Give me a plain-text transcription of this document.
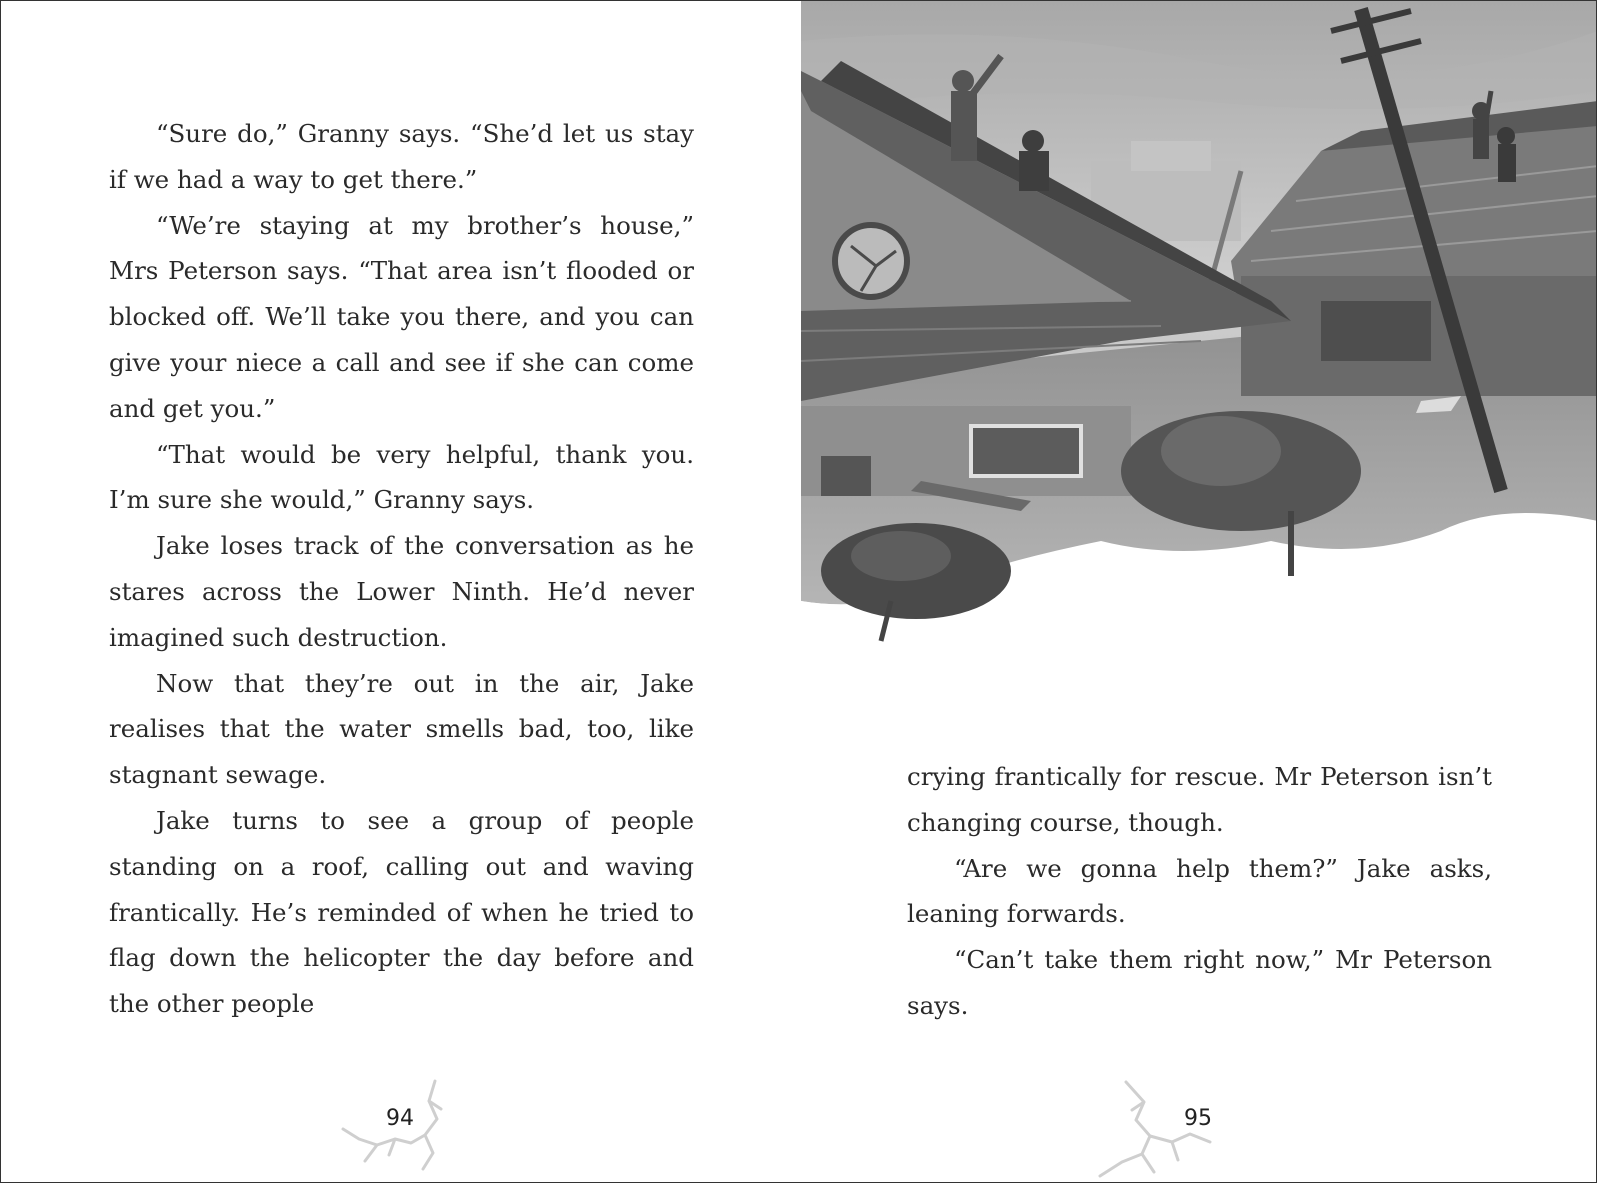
“Sure do,” Granny says. “She’d let us stay if we had a way to get there.”

“We’re staying at my brother’s house,” Mrs Peterson says. “That area isn’t flooded or blocked off. We’ll take you there, and you can give your niece a call and see if she can come and get you.”

“That would be very helpful, thank you. I’m sure she would,” Granny says.

Jake loses track of the conversation as he stares across the Lower Ninth. He’d never imagined such destruction.

Now that they’re out in the air, Jake realises that the water smells bad, too, like stagnant sewage.

Jake turns to see a group of people standing on a roof, calling out and waving frantically. He’s reminded of when he tried to flag down the helicopter the day before and the other people

94

crying frantically for rescue. Mr Peterson isn’t changing course, though.

“Are we gonna help them?” Jake asks, leaning forwards.

“Can’t take them right now,” Mr Peterson says.

95
